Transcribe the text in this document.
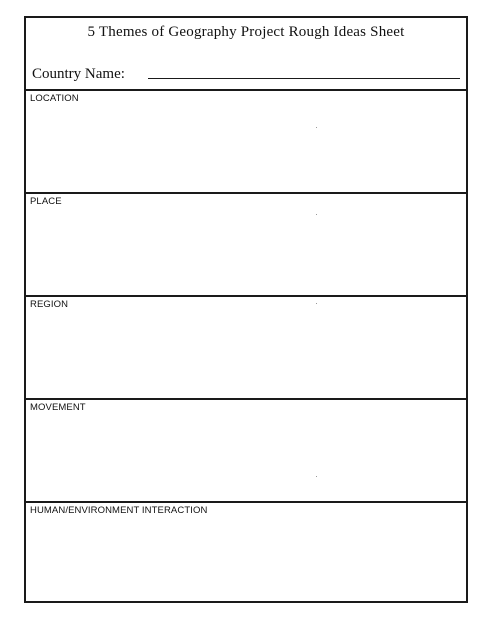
5 Themes of Geography Project Rough Ideas Sheet
Country Name:
LOCATION
PLACE
REGION
MOVEMENT
HUMAN/ENVIRONMENT INTERACTION
